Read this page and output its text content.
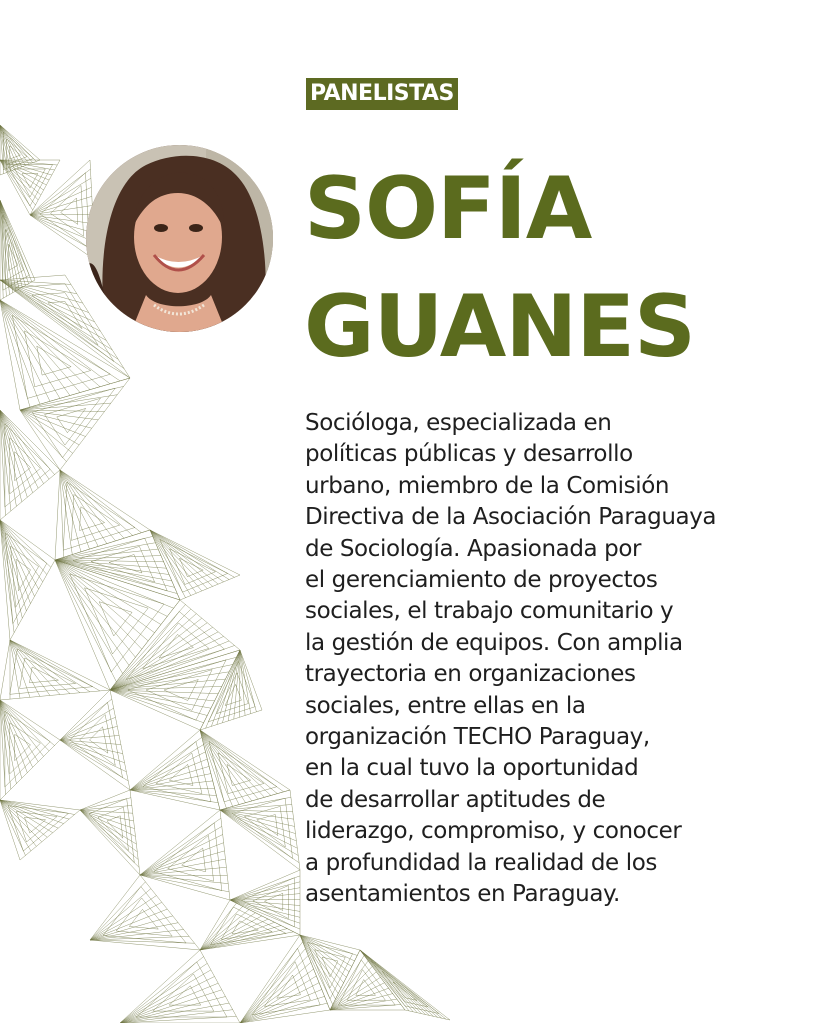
PANELISTAS
SOFÍA
GUANES

Socióloga, especializada en
políticas públicas y desarrollo
urbano, miembro de la Comisión
Directiva de la Asociación Paraguaya
de Sociología. Apasionada por
el gerenciamiento de proyectos
sociales, el trabajo comunitario y
la gestión de equipos. Con amplia
trayectoria en organizaciones
sociales, entre ellas en la
organización TECHO Paraguay,
en la cual tuvo la oportunidad
de desarrollar aptitudes de
liderazgo, compromiso, y conocer
a profundidad la realidad de los
asentamientos en Paraguay.
